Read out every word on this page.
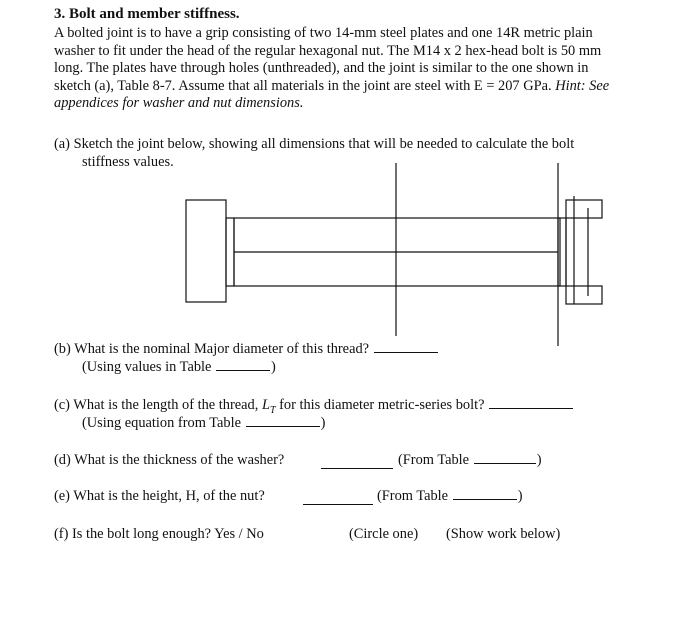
3. Bolt and member stiffness.
A bolted joint is to have a grip consisting of two 14-mm steel plates and one 14R metric plain
washer to fit under the head of the regular hexagonal nut. The M14 x 2 hex-head bolt is 50 mm
long. The plates have through holes (unthreaded), and the joint is similar to the one shown in
sketch (a), Table 8-7. Assume that all materials in the joint are steel with E = 207 GPa. Hint: See
appendices for washer and nut dimensions.
(a) Sketch the joint below, showing all dimensions that will be needed to calculate the bolt
stiffness values.
(b) What is the nominal Major diameter of this thread?
(Using values in Table	)
(c) What is the length of the thread, $L_T$ for this diameter metric-series bolt?
(Using equation from Table	)
(d) What is the thickness of the washer?	(From Table	)
(e) What is the height, H, of the nut?	(From Table	)
(f) Is the bolt long enough? Yes / No	(Circle one) (Show work below)
